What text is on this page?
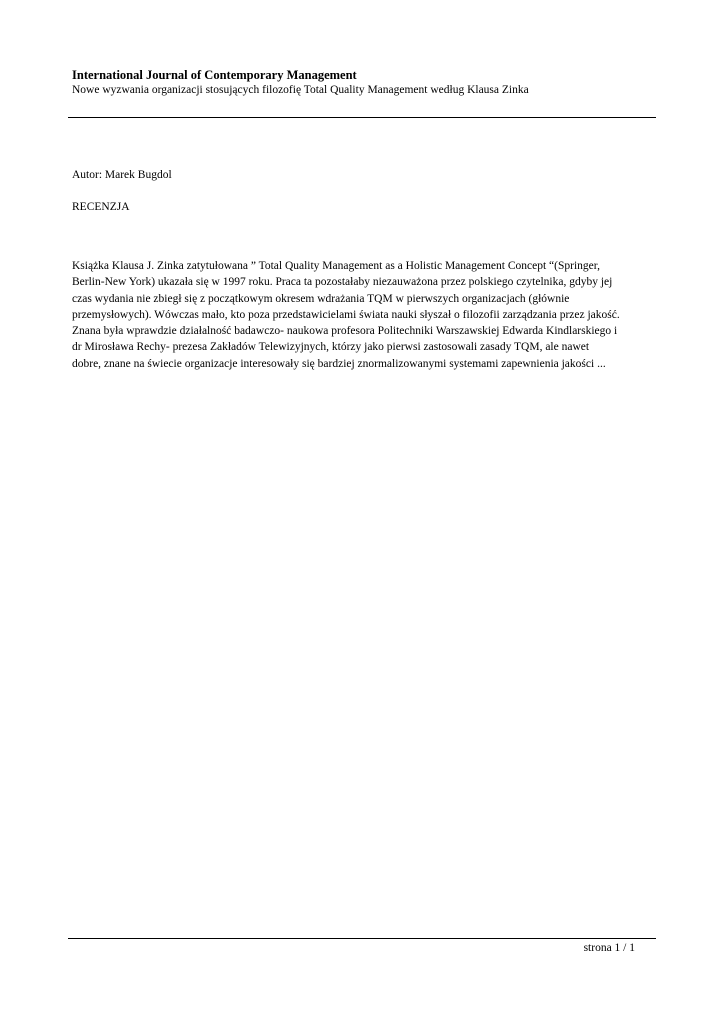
International Journal of Contemporary Management

Nowe wyzwania organizacji stosujących filozofię Total Quality Management według Klausa Zinka

Autor: Marek Bugdol
RECENZJA
Książka Klausa J. Zinka zatytułowana ” Total Quality Management as a Holistic Management Concept “(Springer,
Berlin-New York) ukazała się w 1997 roku. Praca ta pozostałaby niezauważona przez polskiego czytelnika, gdyby jej
czas wydania nie zbiegł się z początkowym okresem wdrażania TQM w pierwszych organizacjach (głównie
przemysłowych). Wówczas mało, kto poza przedstawicielami świata nauki słyszał o filozofii zarządzania przez jakość.
Znana była wprawdzie działalność badawczo- naukowa profesora Politechniki Warszawskiej Edwarda Kindlarskiego i
dr Mirosława Rechy- prezesa Zakładów Telewizyjnych, którzy jako pierwsi zastosowali zasady TQM, ale nawet
dobre, znane na świecie organizacje interesowały się bardziej znormalizowanymi systemami zapewnienia jakości ...
strona 1 / 1
